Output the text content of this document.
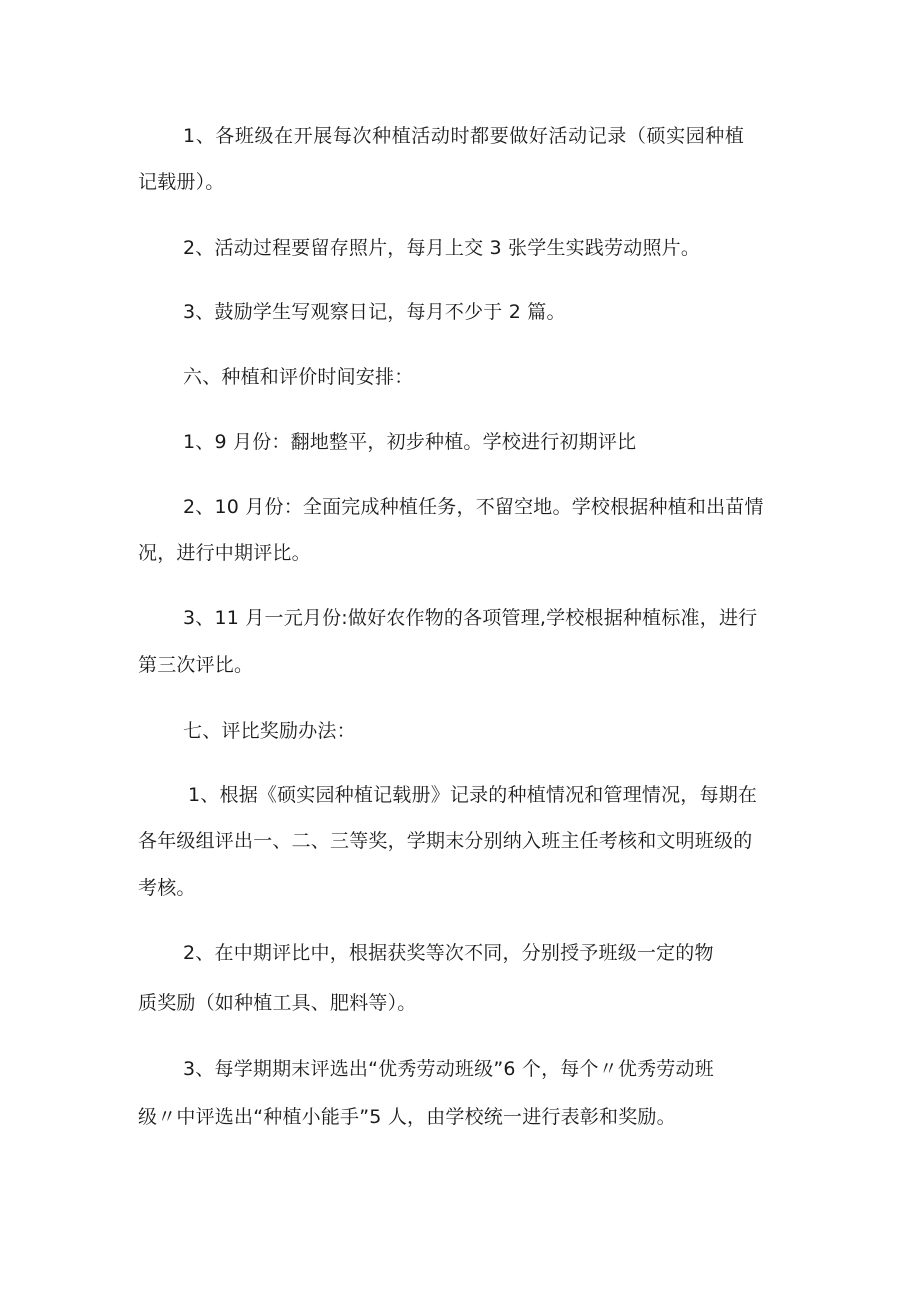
1、各班级在开展每次种植活动时都要做好活动记录（硕实园种植
记载册）。
2、活动过程要留存照片，每月上交 3 张学生实践劳动照片。
3、鼓励学生写观察日记，每月不少于 2 篇。
六、种植和评价时间安排：
1、9 月份：翻地整平，初步种植。学校进行初期评比
2、10 月份：全面完成种植任务，不留空地。学校根据种植和出苗情
况，进行中期评比。
3、11 月一元月份:做好农作物的各项管理,学校根据种植标准，进行
第三次评比。
七、评比奖励办法：
1、根据《硕实园种植记载册》记录的种植情况和管理情况，每期在
各年级组评出一、二、三等奖，学期末分别纳入班主任考核和文明班级的
考核。
2、在中期评比中，根据获奖等次不同，分别授予班级一定的物
质奖励（如种植工具、肥料等）。
3、每学期期末评选出“优秀劳动班级”6 个，每个〃优秀劳动班
级〃中评选出“种植小能手”5 人，由学校统一进行表彰和奖励。
